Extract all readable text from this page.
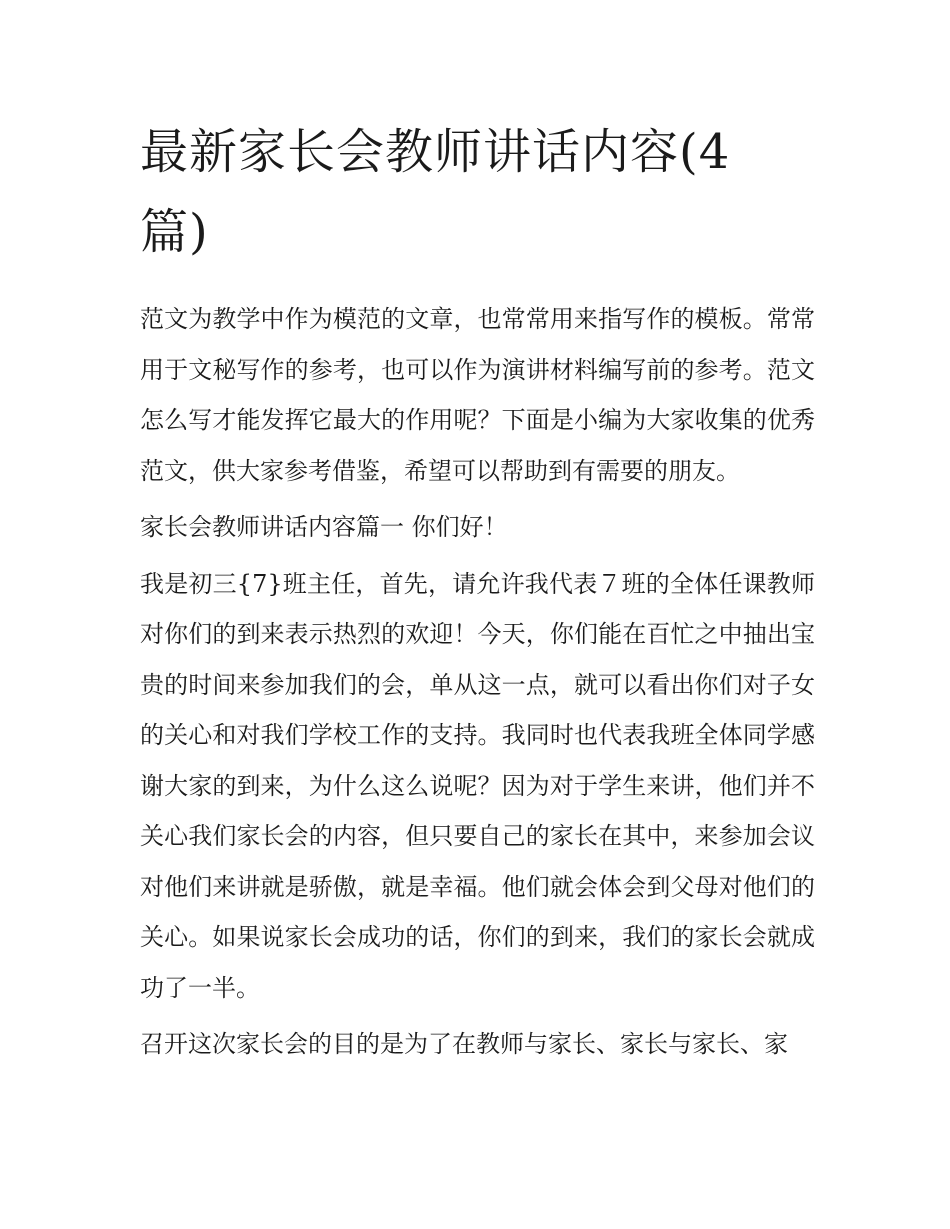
最新家长会教师讲话内容(4篇)

范文为教学中作为模范的文章，也常常用来指写作的模板。常常用于文秘写作的参考，也可以作为演讲材料编写前的参考。范文怎么写才能发挥它最大的作用呢？下面是小编为大家收集的优秀范文，供大家参考借鉴，希望可以帮助到有需要的朋友。

家长会教师讲话内容篇一 你们好！

我是初三{7}班主任，首先，请允许我代表７班的全体任课教师对你们的到来表示热烈的欢迎！今天，你们能在百忙之中抽出宝贵的时间来参加我们的会，单从这一点，就可以看出你们对子女的关心和对我们学校工作的支持。我同时也代表我班全体同学感谢大家的到来，为什么这么说呢？因为对于学生来讲，他们并不关心我们家长会的内容，但只要自己的家长在其中，来参加会议对他们来讲就是骄傲，就是幸福。他们就会体会到父母对他们的关心。如果说家长会成功的话，你们的到来，我们的家长会就成功了一半。

召开这次家长会的目的是为了在教师与家长、家长与家长、家
